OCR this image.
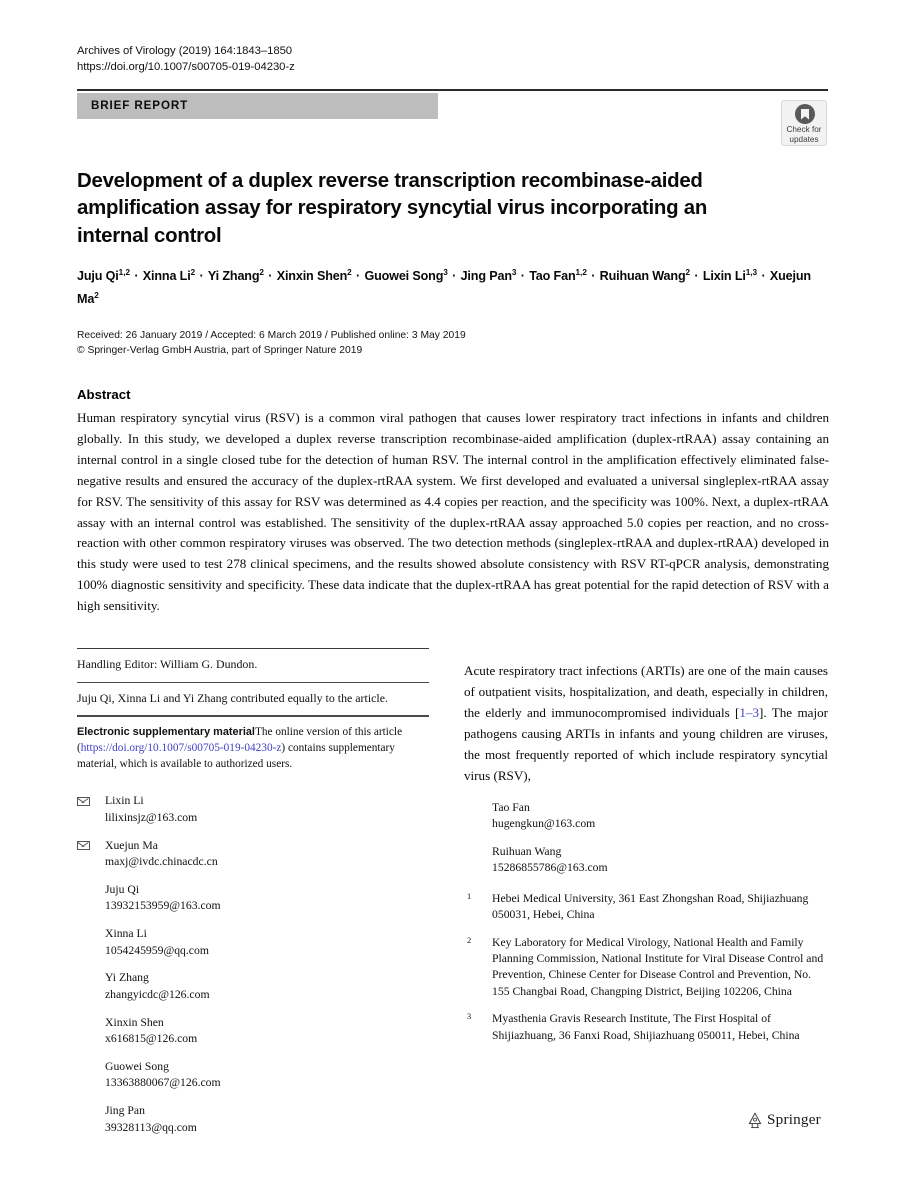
Archives of Virology (2019) 164:1843–1850
https://doi.org/10.1007/s00705-019-04230-z
BRIEF REPORT
Check for
updates
Development of a duplex reverse transcription recombinase-aided amplification assay for respiratory syncytial virus incorporating an internal control
Juju Qi$^{1,2}$ · Xinna $Li^2 \cdot Yi$ Zhang$^2$ · Xinxin Shen$^2$ · Guowei Song$^3$ · Jing Pan$^3$ · Tao Fan$^{1,2}$ · Ruihuan Wang$^2$ · Lixin Li$^{1,3}$ · Xuejun Ma$^2$
Received: 26 January 2019 / Accepted: 6 March 2019 / Published online: 3 May 2019
© Springer-Verlag GmbH Austria, part of Springer Nature 2019
Abstract
Human respiratory syncytial virus (RSV) is a common viral pathogen that causes lower respiratory tract infections in infants and children globally. In this study, we developed a duplex reverse transcription recombinase-aided amplification (duplex-rtRAA) assay containing an internal control in a single closed tube for the detection of human RSV. The internal control in the amplification effectively eliminated false-negative results and ensured the accuracy of the duplex-rtRAA system. We first developed and evaluated a universal singleplex-rtRAA assay for RSV. The sensitivity of this assay for RSV was determined as 4.4 copies per reaction, and the specificity was 100%. Next, a duplex-rtRAA assay with an internal control was established. The sensitivity of the duplex-rtRAA assay approached 5.0 copies per reaction, and no cross-reaction with other common respiratory viruses was observed. The two detection methods (singleplex-rtRAA and duplex-rtRAA) developed in this study were used to test 278 clinical specimens, and the results showed absolute consistency with RSV RT-qPCR analysis, demonstrating 100% diagnostic sensitivity and specificity. These data indicate that the duplex-rtRAA has great potential for the rapid detection of RSV with a high sensitivity.
Handling Editor: William G. Dundon.
Juju Qi, Xinna Li and Yi Zhang contributed equally to the article.
Electronic supplementary materialThe online version of this article (https://doi.org/10.1007/s00705-019-04230-z) contains supplementary material, which is available to authorized users.
Lixin Li
lilixinsjz@163.com
Xuejun Ma
maxj@ivdc.chinacdc.cn
Juju Qi
13932153959@163.com
Xinna Li
1054245959@qq.com
Yi Zhang
zhangyicdc@126.com
Xinxin Shen
x616815@126.com
Guowei Song
13363880067@126.com
Jing Pan
39328113@qq.com

Acute respiratory tract infections (ARTIs) are one of the main causes of outpatient visits, hospitalization, and death, especially in children, the elderly and immunocompromised individuals [1–3]. The major pathogens causing ARTIs in infants and young children are viruses, the most frequently reported of which include respiratory syncytial virus (RSV),

Tao Fan
hugengkun@163.com
Ruihuan Wang
15286855786@163.com
1 Hebei Medical University, 361 East Zhongshan Road, Shijiazhuang 050031, Hebei, China
2 Key Laboratory for Medical Virology, National Health and Family Planning Commission, National Institute for Viral Disease Control and Prevention, Chinese Center for Disease Control and Prevention, No. 155 Changbai Road, Changping District, Beijing 102206, China
3 Myasthenia Gravis Research Institute, The First Hospital of Shijiazhuang, 36 Fanxi Road, Shijiazhuang 050011, Hebei, China
Springer
